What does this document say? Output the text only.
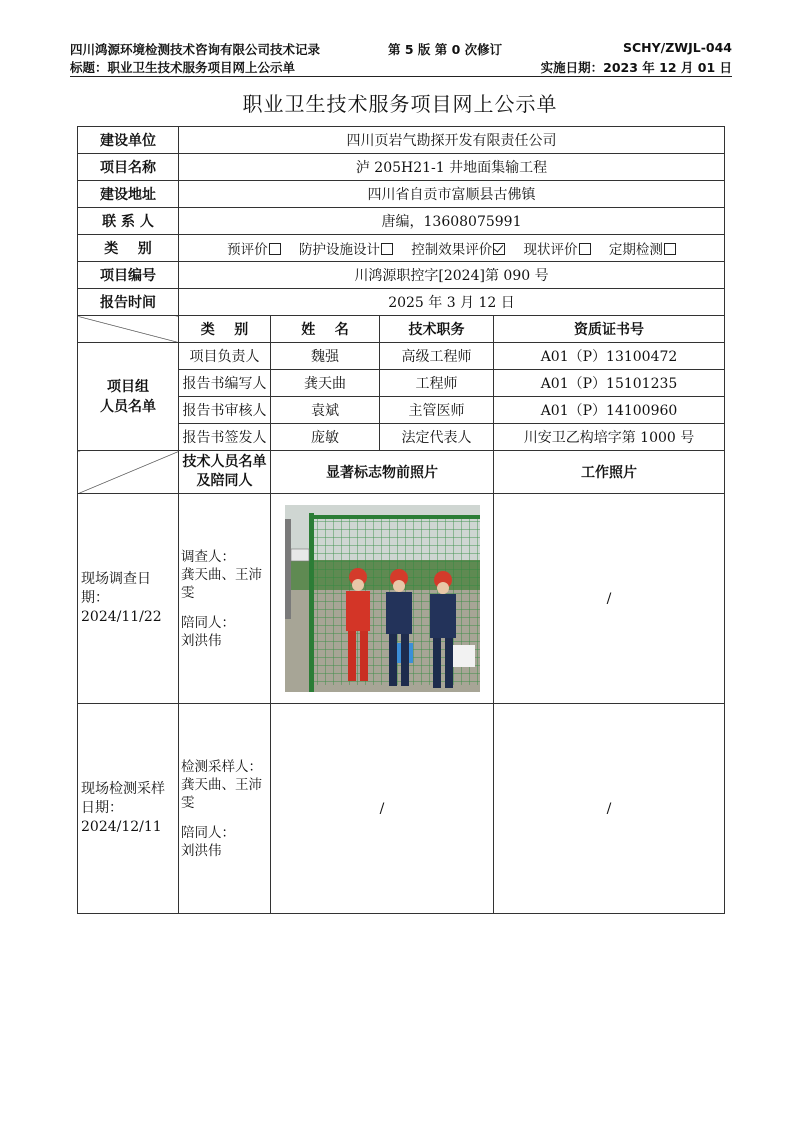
四川鸿源环境检测技术咨询有限公司技术记录	第 5 版 第 0 次修订	SCHY/ZWJL-044
标题：职业卫生技术服务项目网上公示单	实施日期：2023 年 12 月 01 日
职业卫生技术服务项目网上公示单
建设单位	四川页岩气勘探开发有限责任公司			
项目名称	泸 205H21-1 井地面集输工程			
建设地址	四川省自贡市富顺县古佛镇			
联 系 人	唐编，13608075991			
类    别	预评价 防护设施设计 控制效果评价 现状评价 定期检测			
项目编号	川鸿源职控字[2024]第 090 号			
报告时间	2025 年 3 月 12 日			
	类    别	姓    名	技术职务	资质证书号
项目组
人员名单	项目负责人	魏强	高级工程师	A01（P）13100472
	报告书编写人	龚天曲	工程师	A01（P）15101235
	报告书审核人	袁斌	主管医师	A01（P）14100960
	报告书签发人	庞敏	法定代表人	川安卫乙构培字第 1000 号
	技术人员名单及陪同人	显著标志物前照片		工作照片
现场调查日期：2024/11/22	调查人：
龚天曲、王沛雯
陪同人：
刘洪伟			/
现场检测采样日期：2024/12/11	检测采样人：
龚天曲、王沛雯
陪同人：
刘洪伟	/		/
